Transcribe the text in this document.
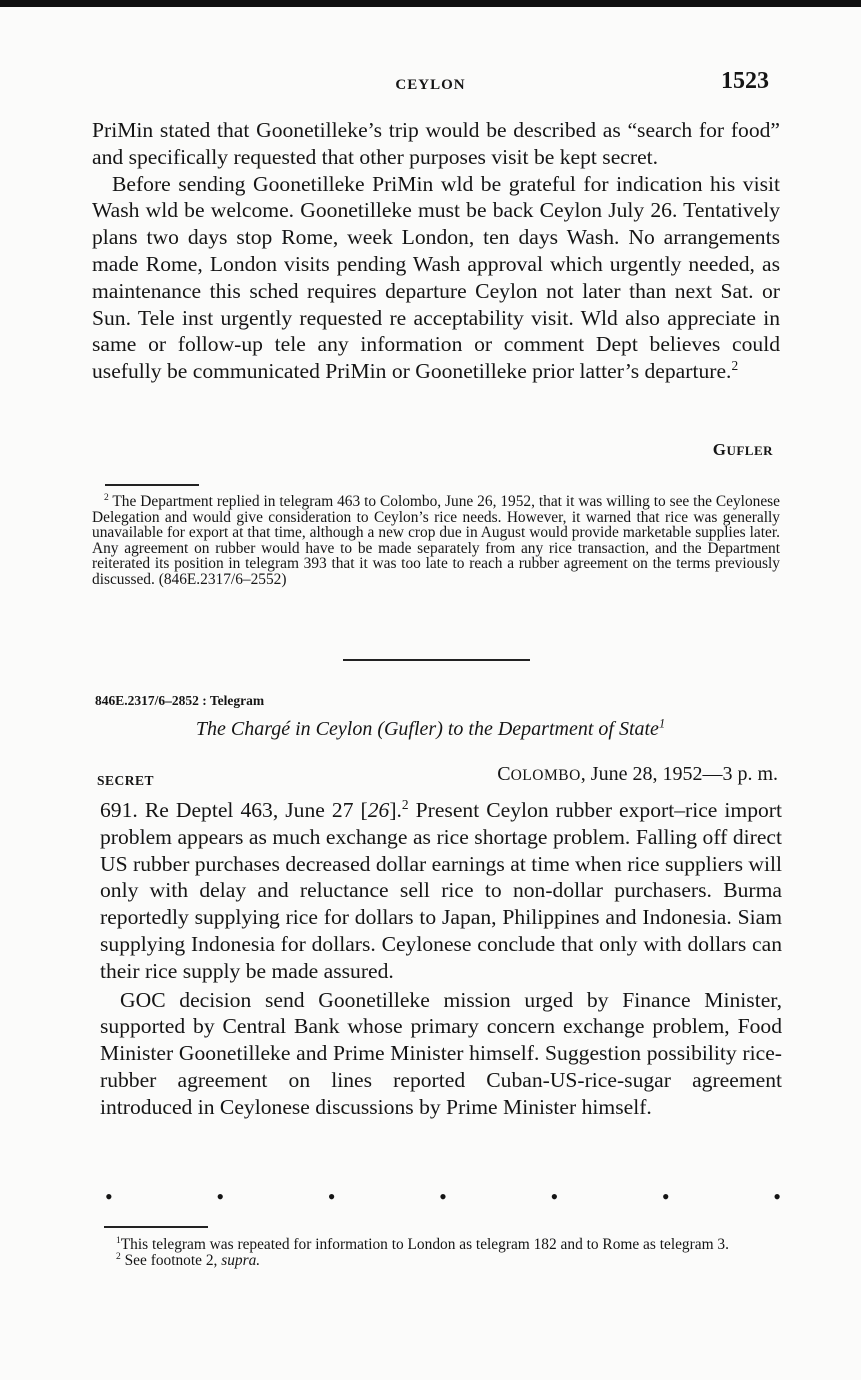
CEYLON	1523

PriMin stated that Goonetilleke’s trip would be described as “search for food” and specifically requested that other purposes visit be kept secret.

Before sending Goonetilleke PriMin wld be grateful for indication his visit Wash wld be welcome. Goonetilleke must be back Ceylon July 26. Tentatively plans two days stop Rome, week London, ten days Wash. No arrangements made Rome, London visits pending Wash approval which urgently needed, as maintenance this sched requires departure Ceylon not later than next Sat. or Sun. Tele inst urgently requested re acceptability visit. Wld also appreciate in same or follow-up tele any information or comment Dept believes could usefully be communicated PriMin or Goonetilleke prior latter’s departure.$^2$

GUFLER

$^2$ The Department replied in telegram 463 to Colombo, June 26, 1952, that it was willing to see the Ceylonese Delegation and would give consideration to Ceylon’s rice needs. However, it warned that rice was generally unavailable for export at that time, although a new crop due in August would provide marketable supplies later. Any agreement on rubber would have to be made separately from any rice transaction, and the Department reiterated its position in telegram 393 that it was too late to reach a rubber agreement on the terms previously discussed. (846E.2317/6–2552)

846E.2317/6–2852 : Telegram
The Chargé in Ceylon (Gufler) to the Department of State$^1$
SECRET	COLOMBO, June 28, 1952—3 p. m.

691. Re Deptel 463, June 27 [26].$^2$ Present Ceylon rubber export–rice import problem appears as much exchange as rice shortage problem. Falling off direct US rubber purchases decreased dollar earnings at time when rice suppliers will only with delay and reluctance sell rice to non-dollar purchasers. Burma reportedly supplying rice for dollars to Japan, Philippines and Indonesia. Siam supplying Indonesia for dollars. Ceylonese conclude that only with dollars can their rice supply be made assured.

GOC decision send Goonetilleke mission urged by Finance Minister, supported by Central Bank whose primary concern exchange problem, Food Minister Goonetilleke and Prime Minister himself. Suggestion possibility rice-rubber agreement on lines reported Cuban-US-rice-sugar agreement introduced in Ceylonese discussions by Prime Minister himself.

•	•	•	•	•	•	•

$^1$This telegram was repeated for information to London as telegram 182 and to Rome as telegram 3.

$^2$ See footnote 2, supra.
